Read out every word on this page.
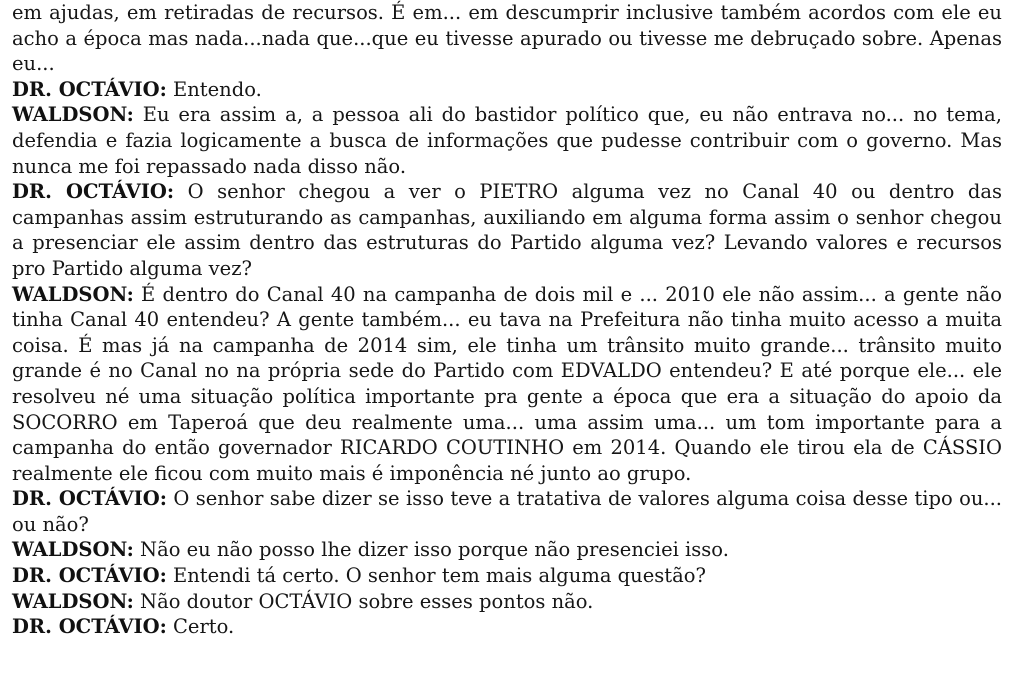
em ajudas, em retiradas de recursos. É em... em descumprir inclusive também acordos com ele eu acho a época mas nada...nada que...que eu tivesse apurado ou tivesse me debruçado sobre. Apenas eu...

DR. OCTÁVIO: Entendo.

WALDSON: Eu era assim a, a pessoa ali do bastidor político que, eu não entrava no... no tema, defendia e fazia logicamente a busca de informações que pudesse contribuir com o governo. Mas nunca me foi repassado nada disso não.

DR. OCTÁVIO: O senhor chegou a ver o PIETRO alguma vez no Canal 40 ou dentro das campanhas assim estruturando as campanhas, auxiliando em alguma forma assim o senhor chegou a presenciar ele assim dentro das estruturas do Partido alguma vez? Levando valores e recursos pro Partido alguma vez?

WALDSON: É dentro do Canal 40 na campanha de dois mil e ... 2010 ele não assim... a gente não tinha Canal 40 entendeu? A gente também... eu tava na Prefeitura não tinha muito acesso a muita coisa. É mas já na campanha de 2014 sim, ele tinha um trânsito muito grande... trânsito muito grande é no Canal no na própria sede do Partido com EDVALDO entendeu? E até porque ele... ele resolveu né uma situação política importante pra gente a época que era a situação do apoio da SOCORRO em Taperoá que deu realmente uma... uma assim uma... um tom importante para a campanha do então governador RICARDO COUTINHO em 2014. Quando ele tirou ela de CÁSSIO realmente ele ficou com muito mais é imponência né junto ao grupo.

DR. OCTÁVIO: O senhor sabe dizer se isso teve a tratativa de valores alguma coisa desse tipo ou... ou não?

WALDSON: Não eu não posso lhe dizer isso porque não presenciei isso.

DR. OCTÁVIO: Entendi tá certo. O senhor tem mais alguma questão?

WALDSON: Não doutor OCTÁVIO sobre esses pontos não.

DR. OCTÁVIO: Certo.
